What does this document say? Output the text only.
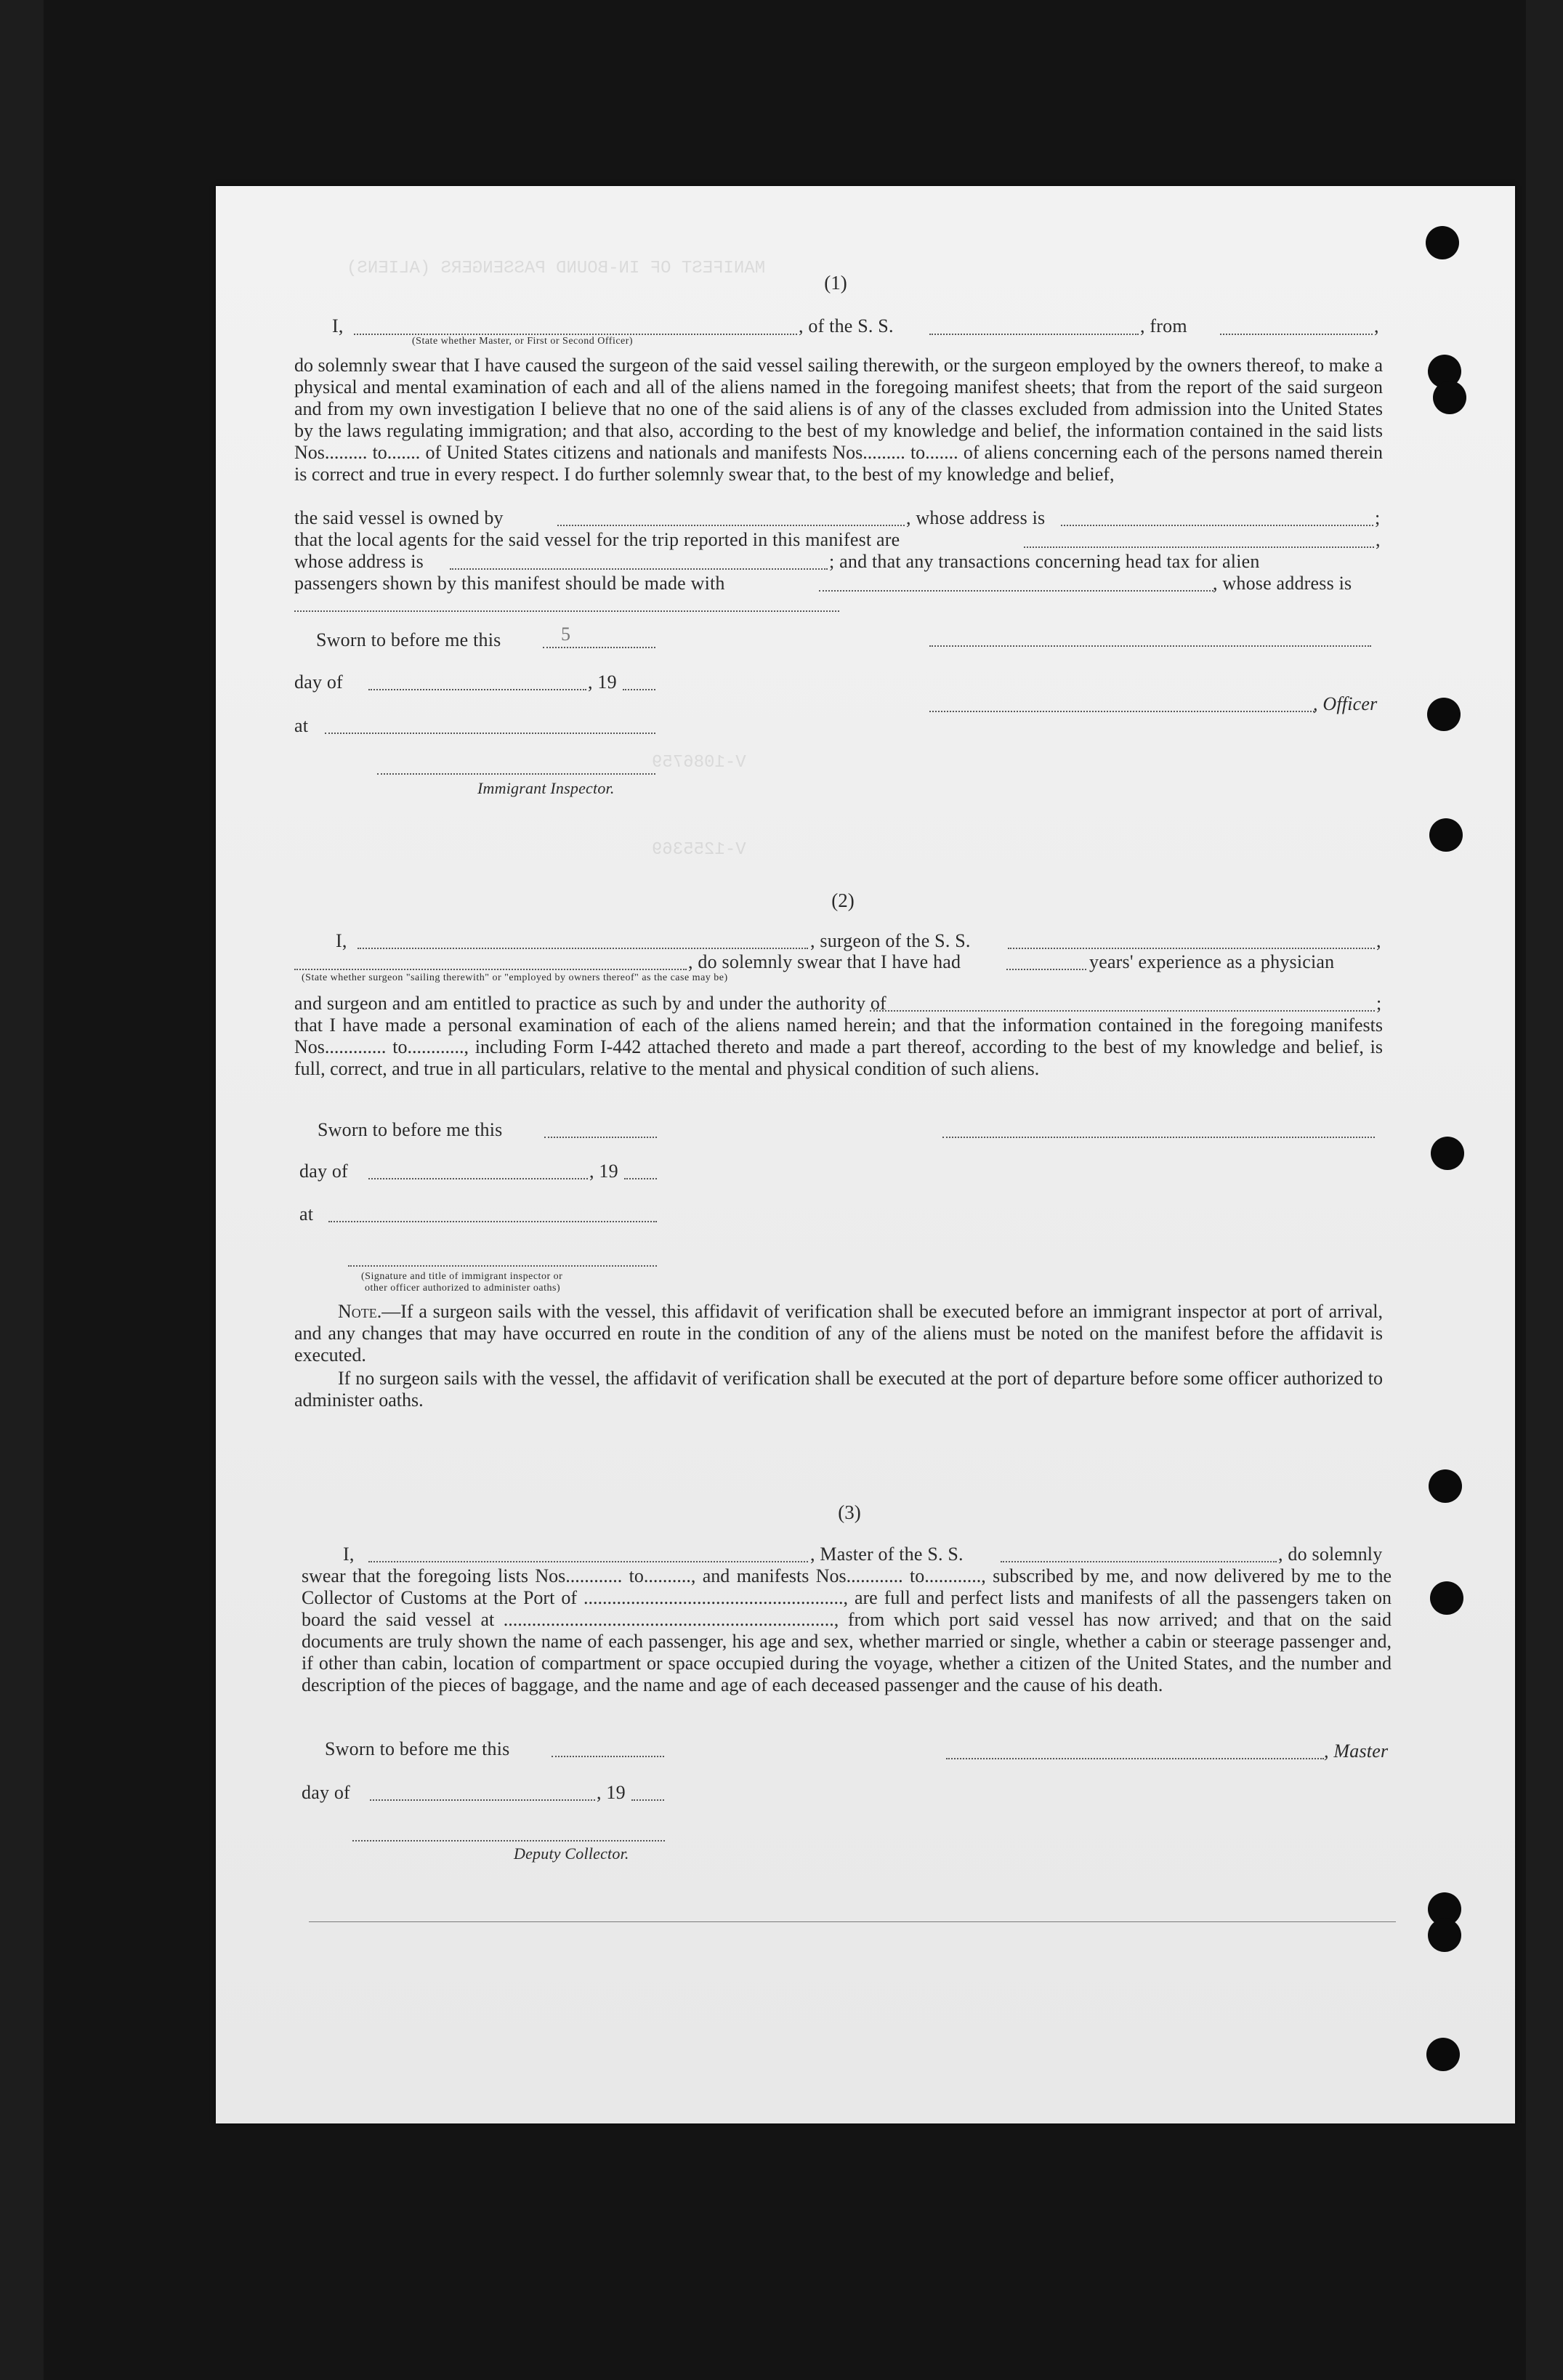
MANIFEST OF IN-BOUND PASSENGERS (ALIENS)
V-1086759
V-1255369
(1)
I,	, of the S. S.	, from	,
(State whether Master, or First or Second Officer)
do solemnly swear that I have caused the surgeon of the said vessel sailing therewith, or the surgeon employed by the owners thereof, to make a physical and mental examination of each and all of the aliens named in the foregoing manifest sheets; that from the report of the said surgeon and from my own investigation I believe that no one of the said aliens is of any of the classes excluded from admission into the United States by the laws regulating immigration; and that also, according to the best of my knowledge and belief, the information contained in the said lists Nos......... to....... of United States citizens and nationals and manifests Nos......... to....... of aliens concerning each of the persons named therein is correct and true in every respect. I do further solemnly swear that, to the best of my knowledge and belief,
the said vessel is owned by	, whose address is	;
that the local agents for the said vessel for the trip reported in this manifest are	,
whose address is	; and that any transactions concerning head tax for alien
passengers shown by this manifest should be made with	, whose address is
Sworn to before me this	5
day of	, 19
, Officer
at
Immigrant Inspector.
(2)
I,	, surgeon of the S. S.	,
, do solemnly swear that I have had	years' experience as a physician
(State whether surgeon "sailing therewith" or "employed by owners thereof" as the case may be)
and surgeon and am entitled to practice as such by and under the authority of	;
that I have made a personal examination of each of the aliens named herein; and that the information contained in the foregoing manifests Nos............. to............, including Form I-442 attached thereto and made a part thereof, according to the best of my knowledge and belief, is full, correct, and true in all particulars, relative to the mental and physical condition of such aliens.
Sworn to before me this
day of	, 19
at
(Signature and title of immigrant inspector or
other officer authorized to administer oaths)
Note.—If a surgeon sails with the vessel, this affidavit of verification shall be executed before an immigrant inspector at port of arrival, and any changes that may have occurred en route in the condition of any of the aliens must be noted on the manifest before the affidavit is executed.
If no surgeon sails with the vessel, the affidavit of verification shall be executed at the port of departure before some officer authorized to administer oaths.
(3)
I,	, Master of the S. S.	, do solemnly
swear that the foregoing lists Nos............ to.........., and manifests Nos............ to............, subscribed by me, and now delivered by me to the Collector of Customs at the Port of ......................................................., are full and perfect lists and manifests of all the passengers taken on board the said vessel at ......................................................................, from which port said vessel has now arrived; and that on the said documents are truly shown the name of each passenger, his age and sex, whether married or single, whether a cabin or steerage passenger and, if other than cabin, location of compartment or space occupied during the voyage, whether a citizen of the United States, and the number and description of the pieces of baggage, and the name and age of each deceased passenger and the cause of his death.
Sworn to before me this	, Master
day of	, 19
Deputy Collector.
